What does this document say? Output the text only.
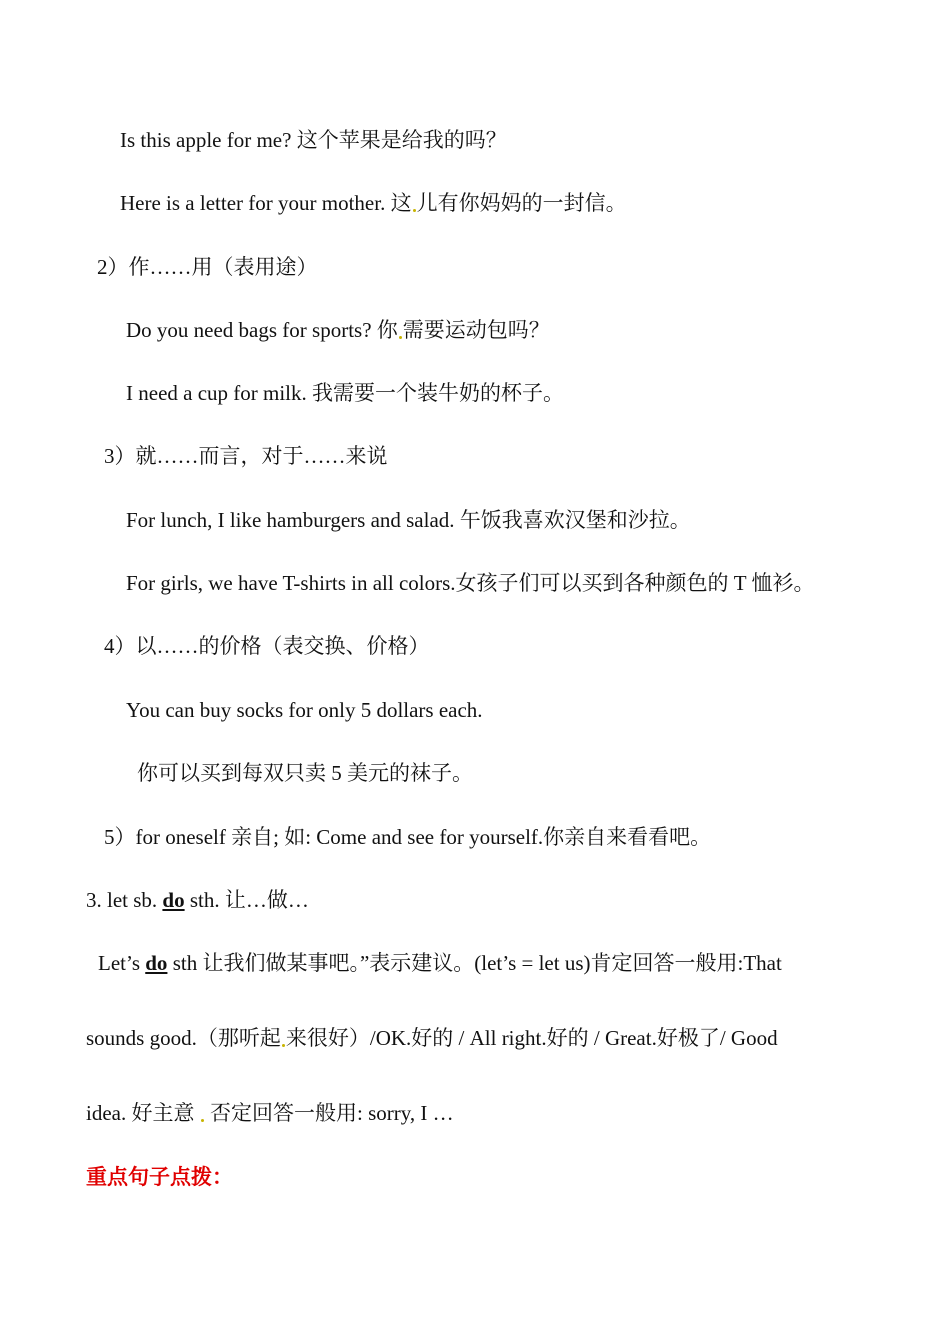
Is this apple for me? 这个苹果是给我的吗？
Here is a letter for your mother. 这 儿有你妈妈的一封信。
2）作……用（表用途）
Do you need bags for sports? 你 需要运动包吗？
I need a cup for milk. 我需要一个装牛奶的杯子。
3）就……而言，对于……来说
For lunch, I like hamburgers and salad. 午饭我喜欢汉堡和沙拉。
For girls, we have T-shirts in all colors.女孩子们可以买到各种颜色的 T 恤衫。
4）以……的价格（表交换、价格）
You can buy socks for only 5 dollars each.
你可以买到每双只卖 5 美元的袜子。
5）for oneself 亲自; 如: Come and see for yourself.你亲自来看看吧。
3. let sb. do sth. 让…做…
Let’s do sth 让我们做某事吧。”表示建议。(let’s = let us)肯定回答一般用:That
sounds good.（那听起 来很好）/OK.好的 / All right.好的 / Great.好极了/ Good
idea. 好主意  否定回答一般用: sorry, I …
重点句子点拨：
